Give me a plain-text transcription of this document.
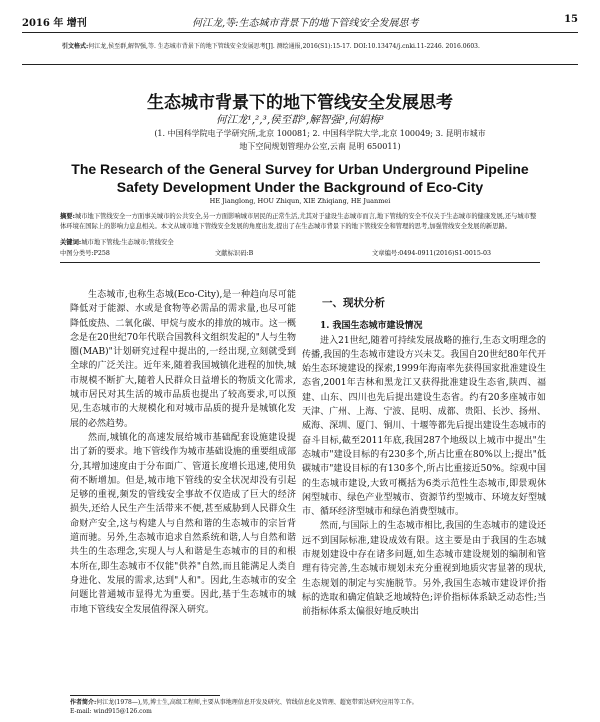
2016 年 增刊	何江龙,等:生态城市背景下的地下管线安全发展思考	15
引文格式:何江龙,侯至群,解智强,等. 生态城市背景下的地下管线安全发展思考[J]. 测绘通报,2016(S1):15-17. DOI:10.13474/j.cnki.11-2246. 2016.0603.
生态城市背景下的地下管线安全发展思考
何江龙¹,²,³,侯至群³,解智强³,何娟梅³
(1. 中国科学院电子学研究所,北京 100081; 2. 中国科学院大学,北京 100049; 3. 昆明市城市
地下空间规划管理办公室,云南 昆明 650011)
The Research of the General Survey for Urban Underground Pipeline Safety Development Under the Background of Eco-City
HE Jianglong, HOU Zhiqun, XIE Zhiqiang, HE Juanmei
摘要:城市地下管线安全一方面事关城市的公共安全,另一方面影响城市居民的正常生活,尤其对于建设生态城市而言,地下管线的安全不仅关于生态城市的健康发展,还与城市整体环境在国际上的影响力息息相关。本文从城市地下管线安全发展的角度出发,提出了在生态城市背景下的地下管线安全和管理的思考,加强管线安全发展的新思路。
关键词:城市地下管线;生态城市;管线安全
中图分类号:P258	文献标识码:B	文章编号:0494-0911(2016)S1-0015-03

生态城市,也称生态城(Eco-City),是一种趋向尽可能降低对于能源、水或是食物等必需品的需求量,也尽可能降低废热、二氧化碳、甲烷与废水的排放的城市。这一概念是在20世纪70年代联合国教科文组织发起的"人与生物圈(MAB)"计划研究过程中提出的,一经出现,立刻就受到全球的广泛关注。近年来,随着我国城镇化进程的加快,城市规模不断扩大,随着人民群众日益增长的物质文化需求,城市居民对其生活的城市品质也提出了较高要求,可以预见,生态城市的大规模化和对城市品质的提升是城镇化发展的必然趋势。

然而,城镇化的高速发展给城市基础配套设施建设提出了新的要求。地下管线作为城市基础设施的重要组成部分,其增加速度由于分布面广、管道长度增长迅速,使用负荷不断增加。但是,城市地下管线的安全状况却没有引起足够的重视,频发的管线安全事故不仅造成了巨大的经济损失,还给人民生产生活带来不便,甚至威胁到人民群众生命财产安全,这与构建人与自然和谐的生态城市的宗旨背道而驰。另外,生态城市追求自然系统和谐,人与自然和谐共生的生态理念,实现人与人和谐是生态城市的目的和根本所在,即生态城市不仅能"供养"自然,而且能满足人类自身进化、发展的需求,达到"人和"。因此,生态城市的安全问题比普通城市显得尤为重要。因此,基于生态城市的城市地下管线安全发展值得深入研究。

一、现状分析

1. 我国生态城市建设情况

进入21世纪,随着可持续发展战略的推行,生态文明理念的传播,我国的生态城市建设方兴未艾。我国自20世纪80年代开始生态环境建设的探索,1999年海南率先获得国家批准建设生态省,2001年吉林和黑龙江又获得批准建设生态省,陕西、福建、山东、四川也先后提出建设生态省。约有20多座城市如天津、广州、上海、宁波、昆明、成都、贵阳、长沙、扬州、威海、深圳、厦门、铜川、十堰等都先后提出建设生态城市的奋斗目标,截至2011年底,我国287个地级以上城市中提出"生态城市"建设目标的有230多个,所占比重在80%以上;提出"低碳城市"建设目标的有130多个,所占比重接近50%。综观中国的生态城市建设,大致可概括为6类示范性生态城市,即景观休闲型城市、绿色产业型城市、资源节约型城市、环境友好型城市、循环经济型城市和绿色消费型城市。

然而,与国际上的生态城市相比,我国的生态城市的建设还远不到国际标准,建设成效有限。这主要是由于我国的生态城市规划建设中存在诸多问题,如生态城市建设规划的编制和管理有待完善,生态城市规划未充分重视到地质灾害显著的现状,生态规划的制定与实施脱节。另外,我国生态城市建设评价指标的选取和确定值缺乏地域特色;评价指标体系缺乏动态性;当前指标体系太偏很好地反映出

作者简介:何江龙(1978—),男,博士生,高级工程师,主要从事地理信息开发及研究、管线信息化及管理、超宽带雷达研究应用等工作。
E-mail: wind915@126.com
